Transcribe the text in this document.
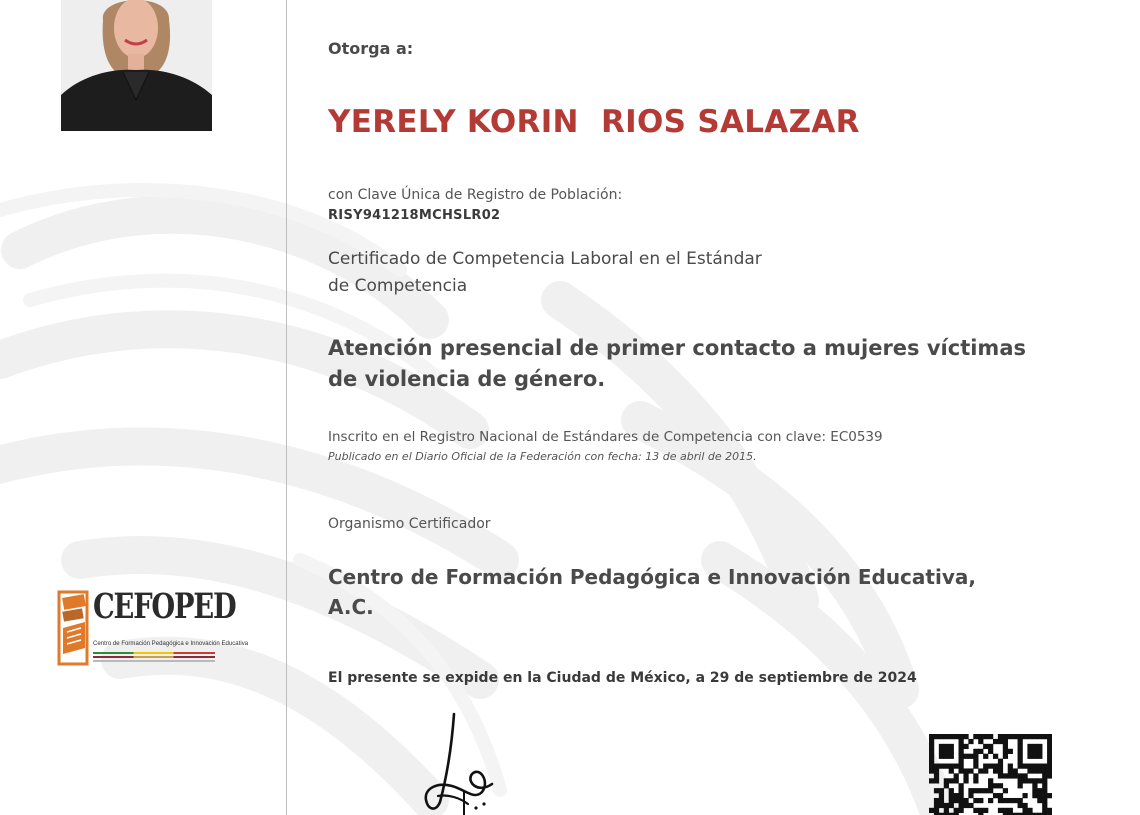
CEFOPED
Centro de Formación Pedagógica e Innovación Educativa
Otorga a:
YERELY KORIN  RIOS SALAZAR
con Clave Única de Registro de Población:
RISY941218MCHSLR02
Certificado de Competencia Laboral en el Estándar
de Competencia
Atención presencial de primer contacto a mujeres víctimas
de violencia de género.
Inscrito en el Registro Nacional de Estándares de Competencia con clave: EC0539
Publicado en el Diario Oficial de la Federación con fecha: 13 de abril de 2015.
Organismo Certificador
Centro de Formación Pedagógica e Innovación Educativa,
A.C.
El presente se expide en la Ciudad de México, a 29 de septiembre de 2024
